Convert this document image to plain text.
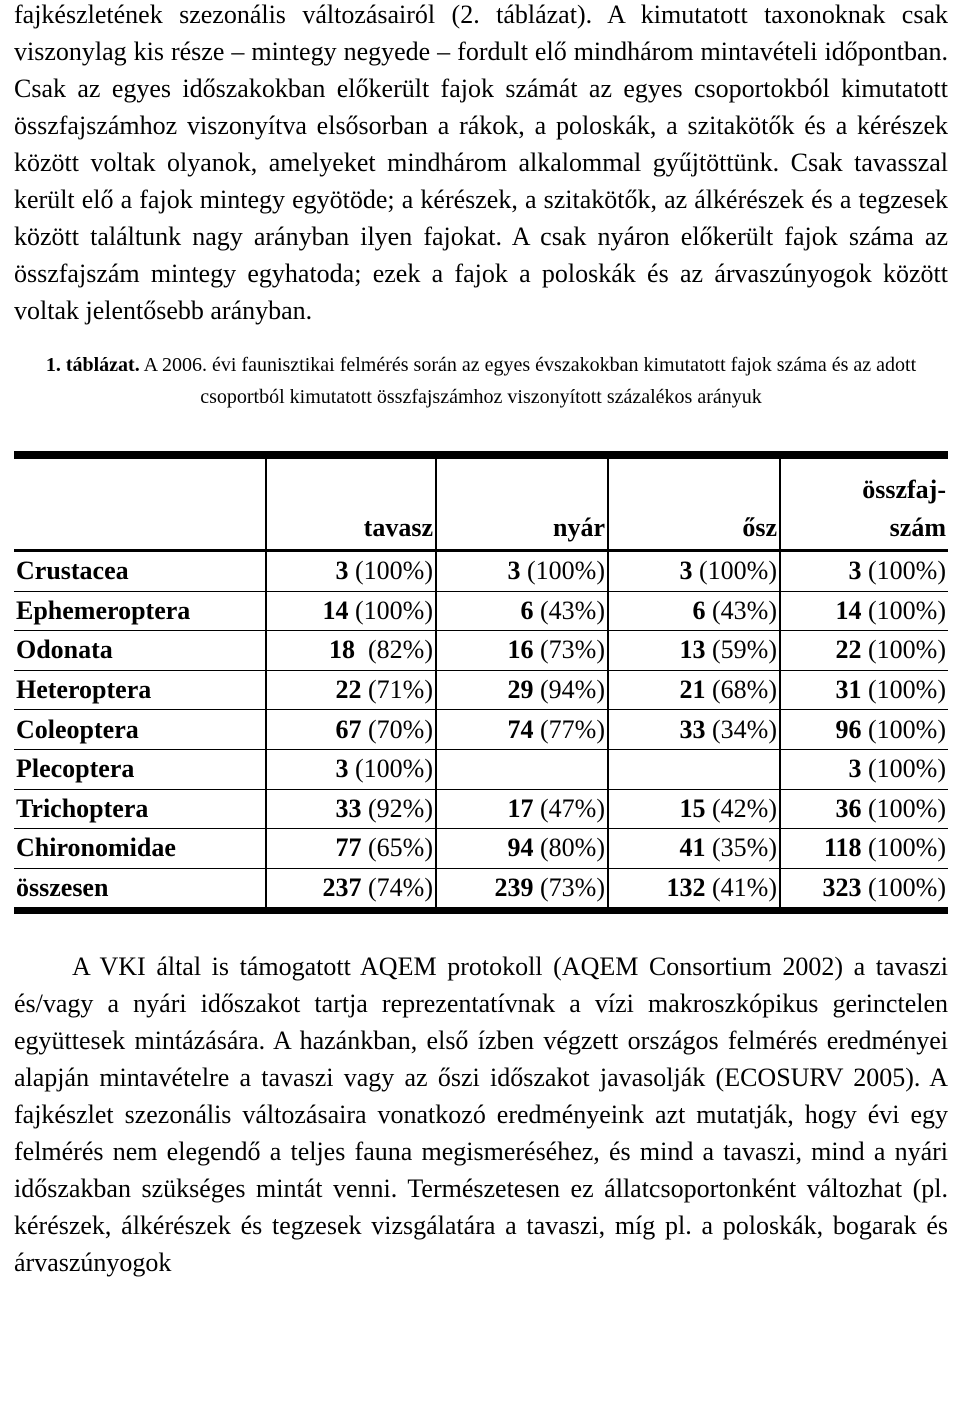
fajkészletének szezonális változásairól (2. táblázat). A kimutatott taxonoknak csak viszonylag kis része – mintegy negyede – fordult elő mindhárom mintavételi időpontban. Csak az egyes időszakokban előkerült fajok számát az egyes csoportokból kimutatott összfajszámhoz viszonyítva elsősorban a rákok, a poloskák, a szitakötők és a kérészek között voltak olyanok, amelyeket mindhárom alkalommal gyűjtöttünk. Csak tavasszal került elő a fajok mintegy egyötöde; a kérészek, a szitakötők, az álkérészek és a tegzesek között találtunk nagy arányban ilyen fajokat. A csak nyáron előkerült fajok száma az összfajszám mintegy egyhatoda; ezek a fajok a poloskák és az árvaszúnyogok között voltak jelentősebb arányban.

1. táblázat. A 2006. évi faunisztikai felmérés során az egyes évszakokban kimutatott fajok száma és az adott csoportból kimutatott összfajszámhoz viszonyított százalékos arányuk

	tavasz	nyár	ősz	összfaj-
szám
Crustacea	3 (100%)	3 (100%)	3 (100%)	3 (100%)
Ephemeroptera	14 (100%)	6 (43%)	6 (43%)	14 (100%)
Odonata	18  (82%)	16 (73%)	13 (59%)	22 (100%)
Heteroptera	22 (71%)	29 (94%)	21 (68%)	31 (100%)
Coleoptera	67 (70%)	74 (77%)	33 (34%)	96 (100%)
Plecoptera	3 (100%)			3 (100%)
Trichoptera	33 (92%)	17 (47%)	15 (42%)	36 (100%)
Chironomidae	77 (65%)	94 (80%)	41 (35%)	118 (100%)
összesen	237 (74%)	239 (73%)	132 (41%)	323 (100%)

A VKI által is támogatott AQEM protokoll (AQEM Consortium 2002) a tavaszi és/vagy a nyári időszakot tartja reprezentatívnak a vízi makroszkópikus gerinctelen együttesek mintázására. A hazánkban, első ízben végzett országos felmérés eredményei alapján mintavételre a tavaszi vagy az őszi időszakot javasolják (ECOSURV 2005). A fajkészlet szezonális változásaira vonatkozó eredményeink azt mutatják, hogy évi egy felmérés nem elegendő a teljes fauna megismeréséhez, és mind a tavaszi, mind a nyári időszakban szükséges mintát venni. Természetesen ez állatcsoportonként változhat (pl. kérészek, álkérészek és tegzesek vizsgálatára a tavaszi, míg pl. a poloskák, bogarak és árvaszúnyogok
